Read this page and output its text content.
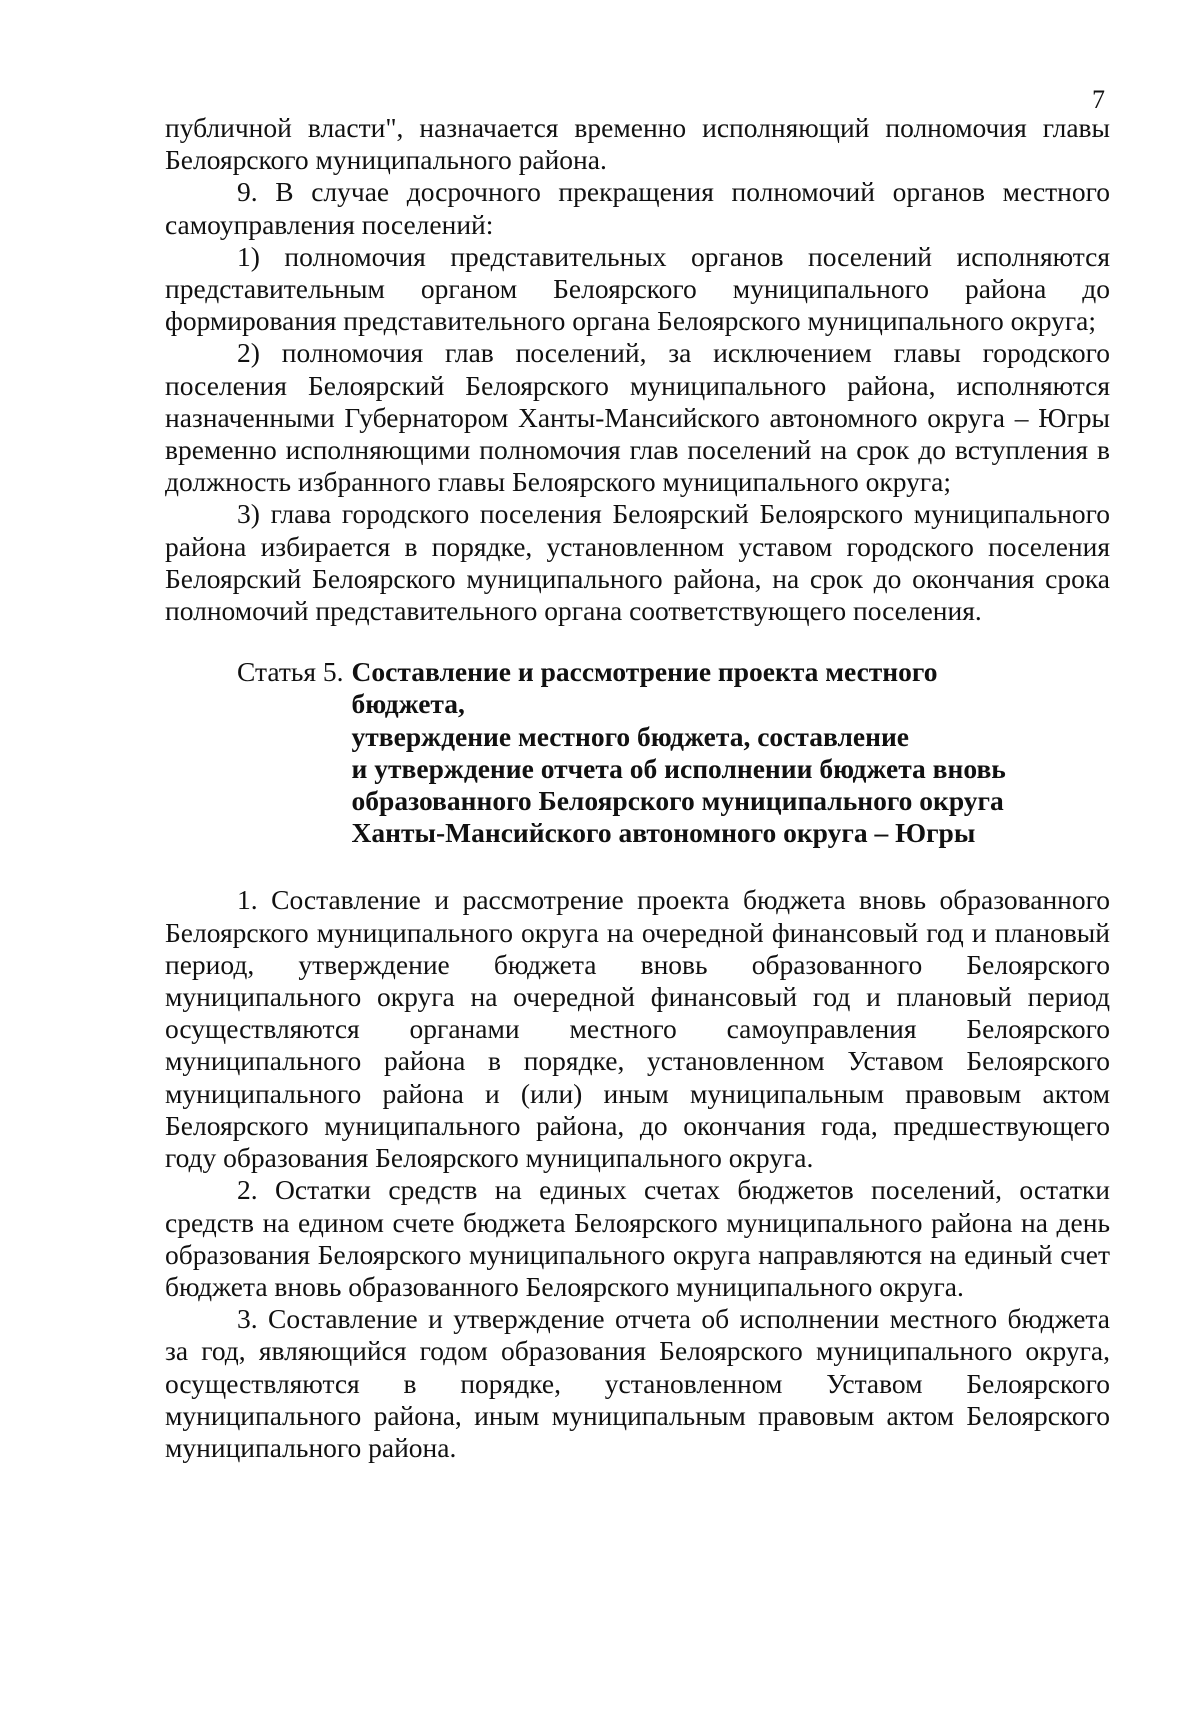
7

публичной власти", назначается временно исполняющий полномочия главы Белоярского муниципального района.

9. В случае досрочного прекращения полномочий органов местного самоуправления поселений:

1) полномочия представительных органов поселений исполняются представительным органом Белоярского муниципального района до формирования представительного органа Белоярского муниципального округа;

2) полномочия глав поселений, за исключением главы городского поселения Белоярский Белоярского муниципального района, исполняются назначенными Губернатором Ханты-Мансийского автономного округа – Югры временно исполняющими полномочия глав поселений на срок до вступления в должность избранного главы Белоярского муниципального округа;

3) глава городского поселения Белоярский Белоярского муниципального района избирается в порядке, установленном уставом городского поселения Белоярский Белоярского муниципального района, на срок до окончания срока полномочий представительного органа соответствующего поселения.

Статья 5. Составление и рассмотрение проекта местного бюджета,
утверждение местного бюджета, составление
и утверждение отчета об исполнении бюджета вновь
образованного Белоярского муниципального округа
Ханты-Мансийского автономного округа – Югры

1. Составление и рассмотрение проекта бюджета вновь образованного Белоярского муниципального округа на очередной финансовый год и плановый период, утверждение бюджета вновь образованного Белоярского муниципального округа на очередной финансовый год и плановый период осуществляются органами местного самоуправления Белоярского муниципального района в порядке, установленном Уставом Белоярского муниципального района и (или) иным муниципальным правовым актом Белоярского муниципального района, до окончания года, предшествующего году образования Белоярского муниципального округа.

2. Остатки средств на единых счетах бюджетов поселений, остатки средств на едином счете бюджета Белоярского муниципального района на день образования Белоярского муниципального округа направляются на единый счет бюджета вновь образованного Белоярского муниципального округа.

3. Составление и утверждение отчета об исполнении местного бюджета за год, являющийся годом образования Белоярского муниципального округа, осуществляются в порядке, установленном Уставом Белоярского муниципального района, иным муниципальным правовым актом Белоярского муниципального района.
